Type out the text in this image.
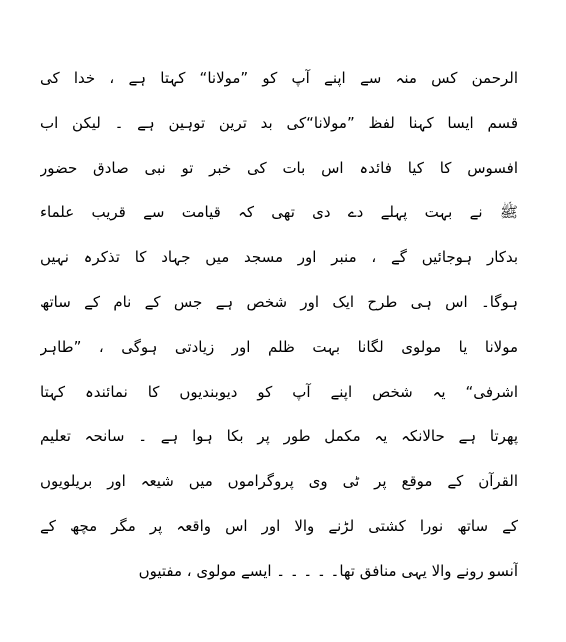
الرحمن کس منہ سے اپنے آپ کو ”مولانا“ کہتا ہے ، خدا کی
قسم ایسا کہنا لفظ ”مولانا“کی بد ترین توہین ہے ۔ لیکن اب
افسوس کا کیا فائدہ اس بات کی خبر تو نبی صادق حضور
ﷺ نے بہت پہلے دے دی تھی کہ قیامت سے قریب علماء
بدکار ہوجائیں گے ، منبر اور مسجد میں جہاد کا تذکرہ نہیں
ہوگا۔ اس ہی طرح ایک اور شخص ہے جس کے نام کے ساتھ
مولانا یا مولوی لگانا بہت ظلم اور زیادتی ہوگی ، ”طاہر
اشرفی“ یہ شخص اپنے آپ کو دیوبندیوں کا نمائندہ کہتا
پھرتا ہے حالانکہ یہ مکمل طور پر بکا ہوا ہے ۔ سانحہ تعلیم
القرآن کے موقع پر ٹی وی پروگراموں میں شیعہ اور بریلویوں
کے ساتھ نورا کشتی لڑنے والا اور اس واقعہ پر مگر مچھ کے
آنسو رونے والا یہی منافق تھا۔ ۔ ۔ ۔ ۔ ایسے مولوی ، مفتیوں
